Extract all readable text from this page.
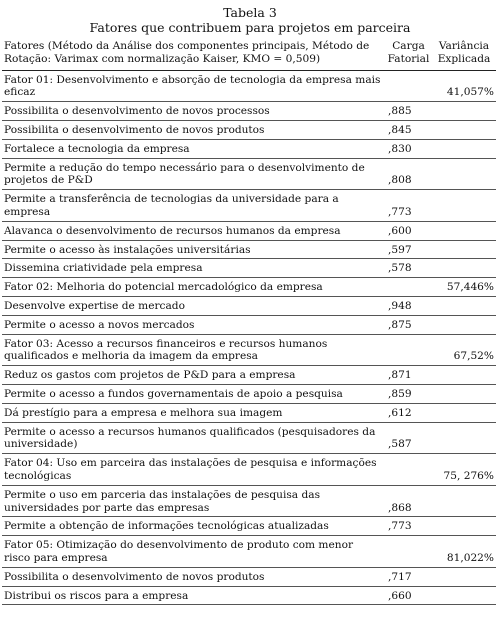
Tabela 3
Fatores que contribuem para projetos em parceira
Fatores (Método da Análise dos componentes principais, Método de Rotação: Varimax com normalização Kaiser, KMO = 0,509)	Carga Fatorial	Variância Explicada
Fator 01: Desenvolvimento e absorção de tecnologia da empresa mais eficaz		41,057%
Possibilita o desenvolvimento de novos processos	,885	
Possibilita o desenvolvimento de novos produtos	,845	
Fortalece a tecnologia da empresa	,830	
Permite a redução do tempo necessário para o desenvolvimento de projetos de P&D	,808	
Permite a transferência de tecnologias da universidade para a empresa	,773	
Alavanca o desenvolvimento de recursos humanos da empresa	,600	
Permite o acesso às instalações universitárias	,597	
Dissemina criatividade pela empresa	,578	
Fator 02: Melhoria do potencial mercadológico da empresa		57,446%
Desenvolve expertise de mercado	,948	
Permite o acesso a novos mercados	,875	
Fator 03: Acesso a recursos financeiros e recursos humanos qualificados e melhoria da imagem da empresa		67,52%
Reduz os gastos com projetos de P&D para a empresa	,871	
Permite o acesso a fundos governamentais de apoio a pesquisa	,859	
Dá prestígio para a empresa e melhora sua imagem	,612	
Permite o acesso a recursos humanos qualificados (pesquisadores da universidade)	,587	
Fator 04: Uso em parceira das instalações de pesquisa e informações tecnológicas		75, 276%
Permite o uso em parceria das instalações de pesquisa das universidades por parte das empresas	,868	
Permite a obtenção de informações tecnológicas atualizadas	,773	
Fator 05: Otimização do desenvolvimento de produto com menor risco para empresa		81,022%
Possibilita o desenvolvimento de novos produtos	,717	
Distribui os riscos para a empresa	,660	
